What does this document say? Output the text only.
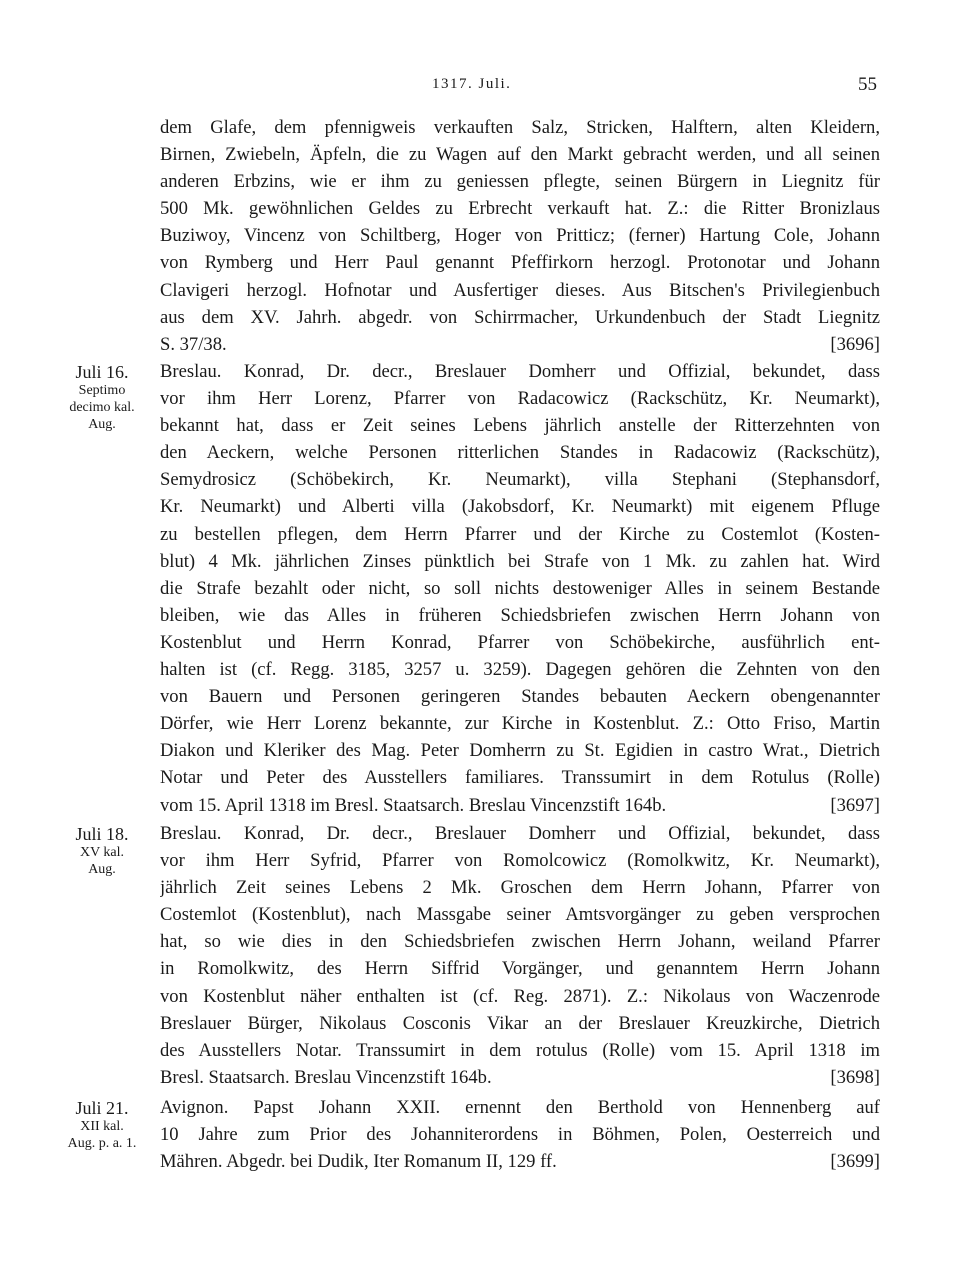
1317. Juli.	55
dem Glafe, dem pfennigweis verkauften Salz, Stricken, Halftern, alten Kleidern,
Birnen, Zwiebeln, Äpfeln, die zu Wagen auf den Markt gebracht werden, und all seinen
anderen Erbzins, wie er ihm zu geniessen pflegte, seinen Bürgern in Liegnitz für
500 Mk. gewöhnlichen Geldes zu Erbrecht verkauft hat. Z.: die Ritter Bronizlaus
Buziwoy, Vincenz von Schiltberg, Hoger von Pritticz; (ferner) Hartung Cole, Johann
von Rymberg und Herr Paul genannt Pfeffirkorn herzogl. Protonotar und Johann
Clavigeri herzogl. Hofnotar und Ausfertiger dieses. Aus Bitschen's Privilegienbuch
aus dem XV. Jahrh. abgedr. von Schirrmacher, Urkundenbuch der Stadt Liegnitz
S. 37/38.	[3696]
Juli 16.
Septimo
decimo kal.
Aug.
Breslau. Konrad, Dr. decr., Breslauer Domherr und Offizial, bekundet, dass
vor ihm Herr Lorenz, Pfarrer von Radacowicz (Rackschütz, Kr. Neumarkt),
bekannt hat, dass er Zeit seines Lebens jährlich anstelle der Ritterzehnten von
den Aeckern, welche Personen ritterlichen Standes in Radacowiz (Rackschütz),
Semydrosicz (Schöbekirch, Kr. Neumarkt), villa Stephani (Stephansdorf,
Kr. Neumarkt) und Alberti villa (Jakobsdorf, Kr. Neumarkt) mit eigenem Pfluge
zu bestellen pflegen, dem Herrn Pfarrer und der Kirche zu Costemlot (Kosten-
blut) 4 Mk. jährlichen Zinses pünktlich bei Strafe von 1 Mk. zu zahlen hat. Wird
die Strafe bezahlt oder nicht, so soll nichts destoweniger Alles in seinem Bestande
bleiben, wie das Alles in früheren Schiedsbriefen zwischen Herrn Johann von
Kostenblut und Herrn Konrad, Pfarrer von Schöbekirche, ausführlich ent-
halten ist (cf. Regg. 3185, 3257 u. 3259). Dagegen gehören die Zehnten von den
von Bauern und Personen geringeren Standes bebauten Aeckern obengenannter
Dörfer, wie Herr Lorenz bekannte, zur Kirche in Kostenblut. Z.: Otto Friso, Martin
Diakon und Kleriker des Mag. Peter Domherrn zu St. Egidien in castro Wrat., Dietrich
Notar und Peter des Ausstellers familiares. Transsumirt in dem Rotulus (Rolle)
vom 15. April 1318 im Bresl. Staatsarch. Breslau Vincenzstift 164b.	[3697]
Juli 18.
XV kal.
Aug.
Breslau. Konrad, Dr. decr., Breslauer Domherr und Offizial, bekundet, dass
vor ihm Herr Syfrid, Pfarrer von Romolcowicz (Romolkwitz, Kr. Neumarkt),
jährlich Zeit seines Lebens 2 Mk. Groschen dem Herrn Johann, Pfarrer von
Costemlot (Kostenblut), nach Massgabe seiner Amtsvorgänger zu geben versprochen
hat, so wie dies in den Schiedsbriefen zwischen Herrn Johann, weiland Pfarrer
in Romolkwitz, des Herrn Siffrid Vorgänger, und genanntem Herrn Johann
von Kostenblut näher enthalten ist (cf. Reg. 2871). Z.: Nikolaus von Waczenrode
Breslauer Bürger, Nikolaus Cosconis Vikar an der Breslauer Kreuzkirche, Dietrich
des Ausstellers Notar. Transsumirt in dem rotulus (Rolle) vom 15. April 1318 im
Bresl. Staatsarch. Breslau Vincenzstift 164b.	[3698]
Juli 21.
XII kal.
Aug. p. a. 1.
Avignon. Papst Johann XXII. ernennt den Berthold von Hennenberg auf
10 Jahre zum Prior des Johanniterordens in Böhmen, Polen, Oesterreich und
Mähren. Abgedr. bei Dudik, Iter Romanum II, 129 ff.	[3699]
